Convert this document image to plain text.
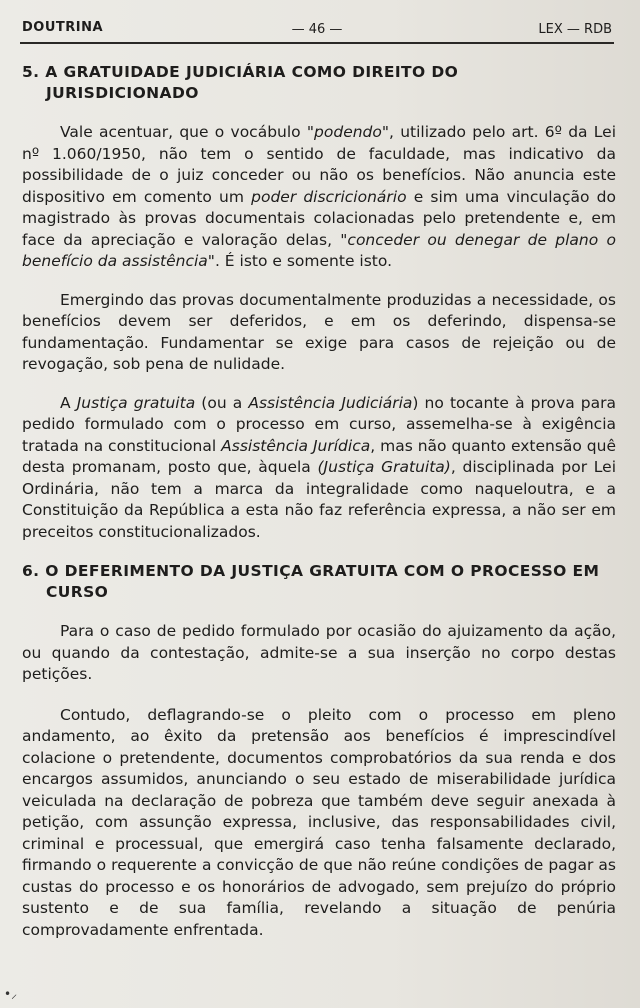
DOUTRINA	— 46 —	LEX — RDB
5. A GRATUIDADE JUDICIÁRIA COMO DIREITO DO JURISDICIONADO

Vale acentuar, que o vocábulo "podendo", utilizado pelo art. 6º da Lei nº 1.060/1950, não tem o sentido de faculdade, mas indicativo da possibilidade de o juiz conceder ou não os benefícios. Não anuncia este dispositivo em comento um poder discricionário e sim uma vinculação do magistrado às provas documentais colacionadas pelo pretendente e, em face da apreciação e valoração delas, "conceder ou denegar de plano o benefício da assistência". É isto e somente isto.

Emergindo das provas documentalmente produzidas a necessidade, os benefícios devem ser deferidos, e em os deferindo, dispensa-se fundamentação. Fundamentar se exige para casos de rejeição ou de revogação, sob pena de nulidade.

A Justiça gratuita (ou a Assistência Judiciária) no tocante à prova para pedido formulado com o processo em curso, assemelha-se à exigência tratada na constitucional Assistência Jurídica, mas não quanto extensão quê desta promanam, posto que, àquela (Justiça Gratuita), disciplinada por Lei Ordinária, não tem a marca da integralidade como naqueloutra, e a Constituição da República a esta não faz referência expressa, a não ser em preceitos constitucionalizados.

6. O DEFERIMENTO DA JUSTIÇA GRATUITA COM O PROCESSO EM CURSO

Para o caso de pedido formulado por ocasião do ajuizamento da ação, ou quando da contestação, admite-se a sua inserção no corpo destas petições.

Contudo, deflagrando-se o pleito com o processo em pleno andamento, ao êxito da pretensão aos benefícios é imprescindível colacione o pretendente, documentos comprobatórios da sua renda e dos encargos assumidos, anunciando o seu estado de miserabilidade jurídica veiculada na declaração de pobreza que também deve seguir anexada à petição, com assunção expressa, inclusive, das responsabilidades civil, criminal e processual, que emergirá caso tenha falsamente declarado, firmando o requerente a convicção de que não reúne condições de pagar as custas do processo e os honorários de advogado, sem prejuízo do próprio sustento e de sua família, revelando a situação de penúria comprovadamente enfrentada.

•⸝
